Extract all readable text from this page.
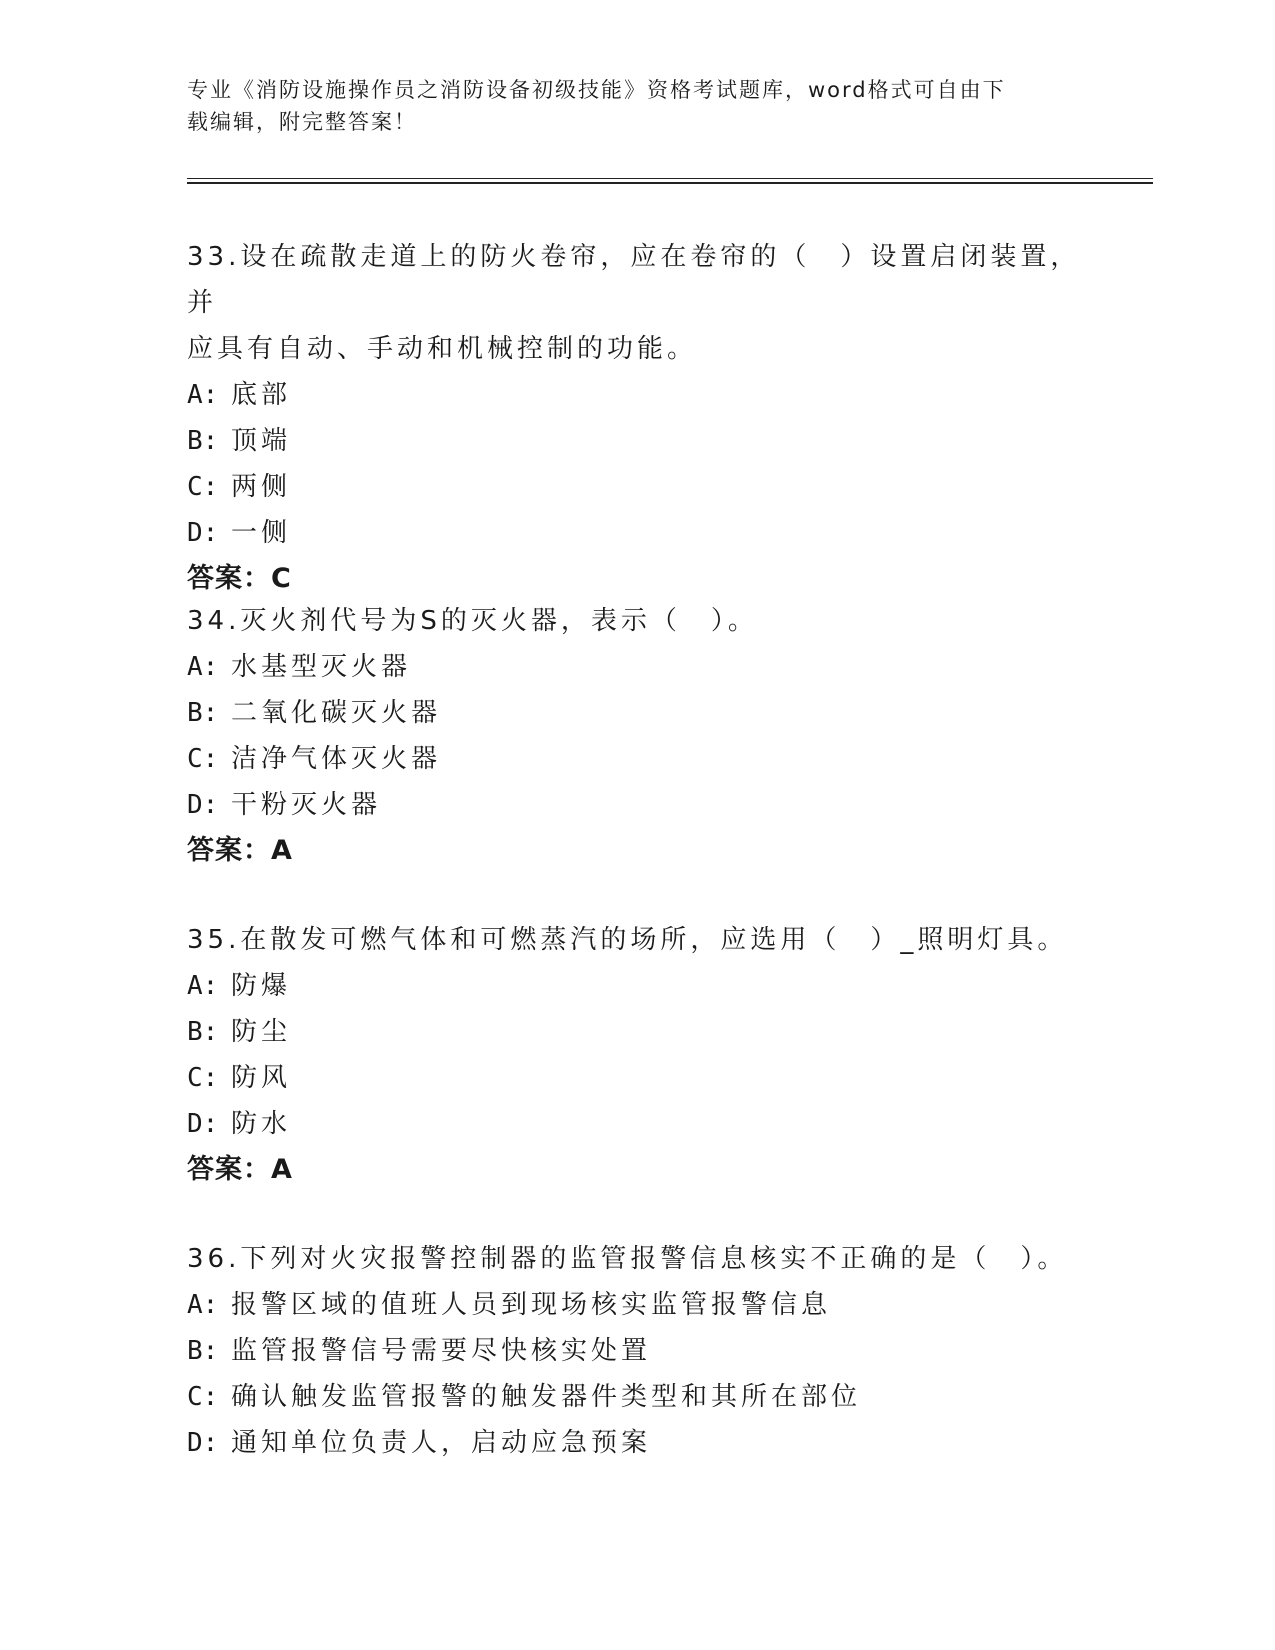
专业《消防设施操作员之消防设备初级技能》资格考试题库，word格式可自由下
载编辑，附完整答案！

33.设在疏散走道上的防火卷帘，应在卷帘的（　）设置启闭装置，并

应具有自动、手动和机械控制的功能。

A: 底部

B: 顶端

C: 两侧

D: 一侧

答案：C

34.灭火剂代号为S的灭火器，表示（　）。

A: 水基型灭火器

B: 二氧化碳灭火器

C: 洁净气体灭火器

D: 干粉灭火器

答案：A

35.在散发可燃气体和可燃蒸汽的场所，应选用（　）_照明灯具。

A: 防爆

B: 防尘

C: 防风

D: 防水

答案：A

36.下列对火灾报警控制器的监管报警信息核实不正确的是（　）。

A: 报警区域的值班人员到现场核实监管报警信息

B: 监管报警信号需要尽快核实处置

C: 确认触发监管报警的触发器件类型和其所在部位

D: 通知单位负责人，启动应急预案
